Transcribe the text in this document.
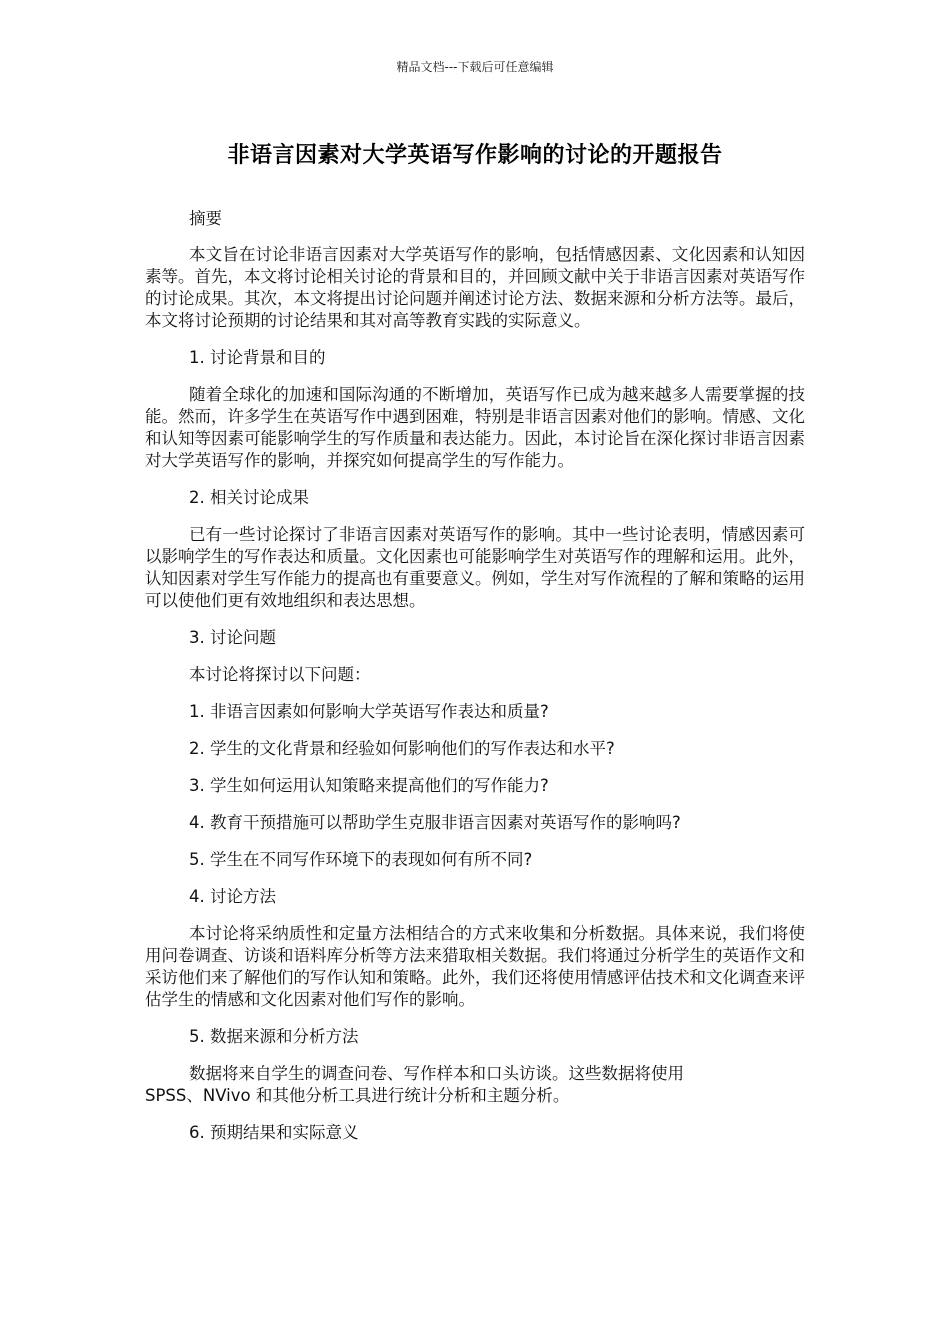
精品文档---下载后可任意编辑
非语言因素对大学英语写作影响的讨论的开题报告

摘要

本文旨在讨论非语言因素对大学英语写作的影响，包括情感因素、文化因素和认知因素等。首先，本文将讨论相关讨论的背景和目的，并回顾文献中关于非语言因素对英语写作的讨论成果。其次，本文将提出讨论问题并阐述讨论方法、数据来源和分析方法等。最后，本文将讨论预期的讨论结果和其对高等教育实践的实际意义。

1. 讨论背景和目的

随着全球化的加速和国际沟通的不断增加，英语写作已成为越来越多人需要掌握的技能。然而，许多学生在英语写作中遇到困难，特别是非语言因素对他们的影响。情感、文化和认知等因素可能影响学生的写作质量和表达能力。因此，本讨论旨在深化探讨非语言因素对大学英语写作的影响，并探究如何提高学生的写作能力。

2. 相关讨论成果

已有一些讨论探讨了非语言因素对英语写作的影响。其中一些讨论表明，情感因素可以影响学生的写作表达和质量。文化因素也可能影响学生对英语写作的理解和运用。此外，认知因素对学生写作能力的提高也有重要意义。例如，学生对写作流程的了解和策略的运用可以使他们更有效地组织和表达思想。

3. 讨论问题

本讨论将探讨以下问题：

1. 非语言因素如何影响大学英语写作表达和质量?

2. 学生的文化背景和经验如何影响他们的写作表达和水平?

3. 学生如何运用认知策略来提高他们的写作能力?

4. 教育干预措施可以帮助学生克服非语言因素对英语写作的影响吗?

5. 学生在不同写作环境下的表现如何有所不同?

4. 讨论方法

本讨论将采纳质性和定量方法相结合的方式来收集和分析数据。具体来说，我们将使用问卷调查、访谈和语料库分析等方法来猎取相关数据。我们将通过分析学生的英语作文和采访他们来了解他们的写作认知和策略。此外，我们还将使用情感评估技术和文化调查来评估学生的情感和文化因素对他们写作的影响。

5. 数据来源和分析方法

数据将来自学生的调查问卷、写作样本和口头访谈。这些数据将使用

SPSS、NVivo 和其他分析工具进行统计分析和主题分析。

6. 预期结果和实际意义
